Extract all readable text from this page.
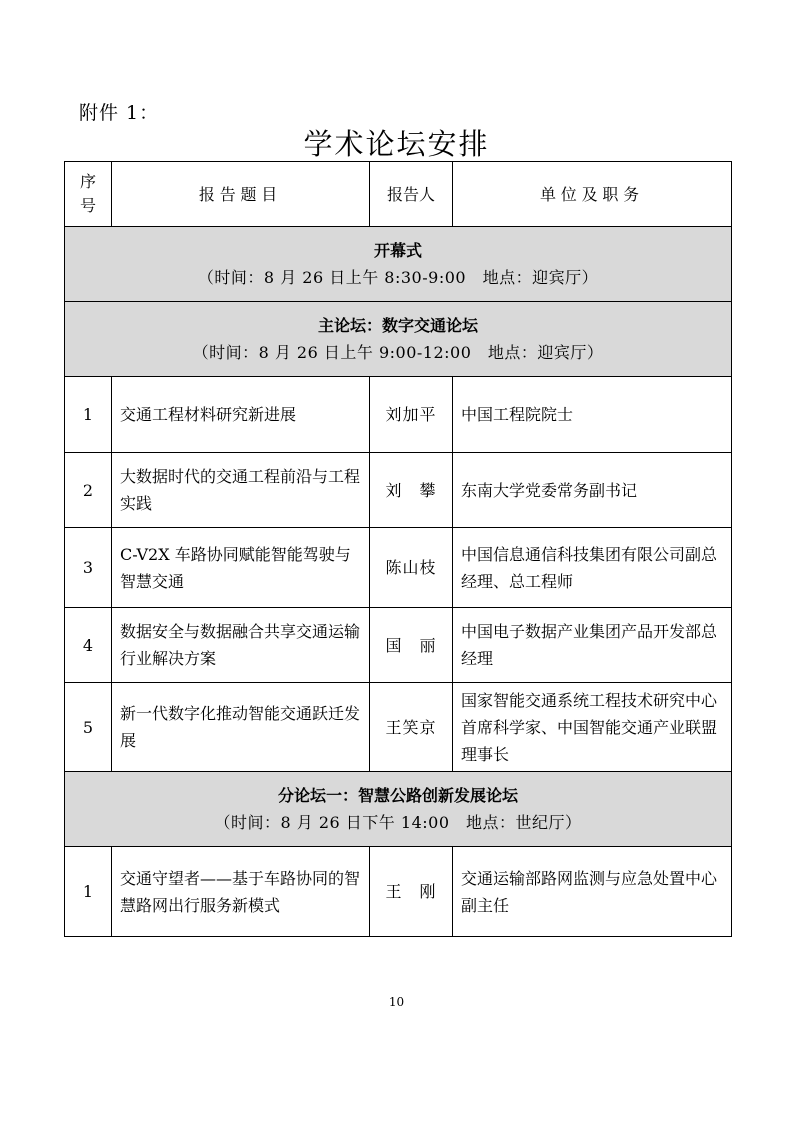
附件 1：
学术论坛安排
序号	报告题目	报告人	单位及职务

开幕式
（时间：8 月 26 日上午 8:30-9:00　地点：迎宾厅）			

主论坛：数字交通论坛
（时间：8 月 26 日上午 9:00-12:00　地点：迎宾厅）			

1	交通工程材料研究新进展	刘加平	中国工程院院士
2	大数据时代的交通工程前沿与工程实践	刘　攀	东南大学党委常务副书记
3	C-V2X 车路协同赋能智能驾驶与智慧交通	陈山枝	中国信息通信科技集团有限公司副总经理、总工程师
4	数据安全与数据融合共享交通运输行业解决方案	国　丽	中国电子数据产业集团产品开发部总经理
5	新一代数字化推动智能交通跃迁发展	王笑京	国家智能交通系统工程技术研究中心首席科学家、中国智能交通产业联盟理事长

分论坛一：智慧公路创新发展论坛
（时间：8 月 26 日下午 14:00　地点：世纪厅）			

1	交通守望者——基于车路协同的智慧路网出行服务新模式	王　刚	交通运输部路网监测与应急处置中心副主任
10
